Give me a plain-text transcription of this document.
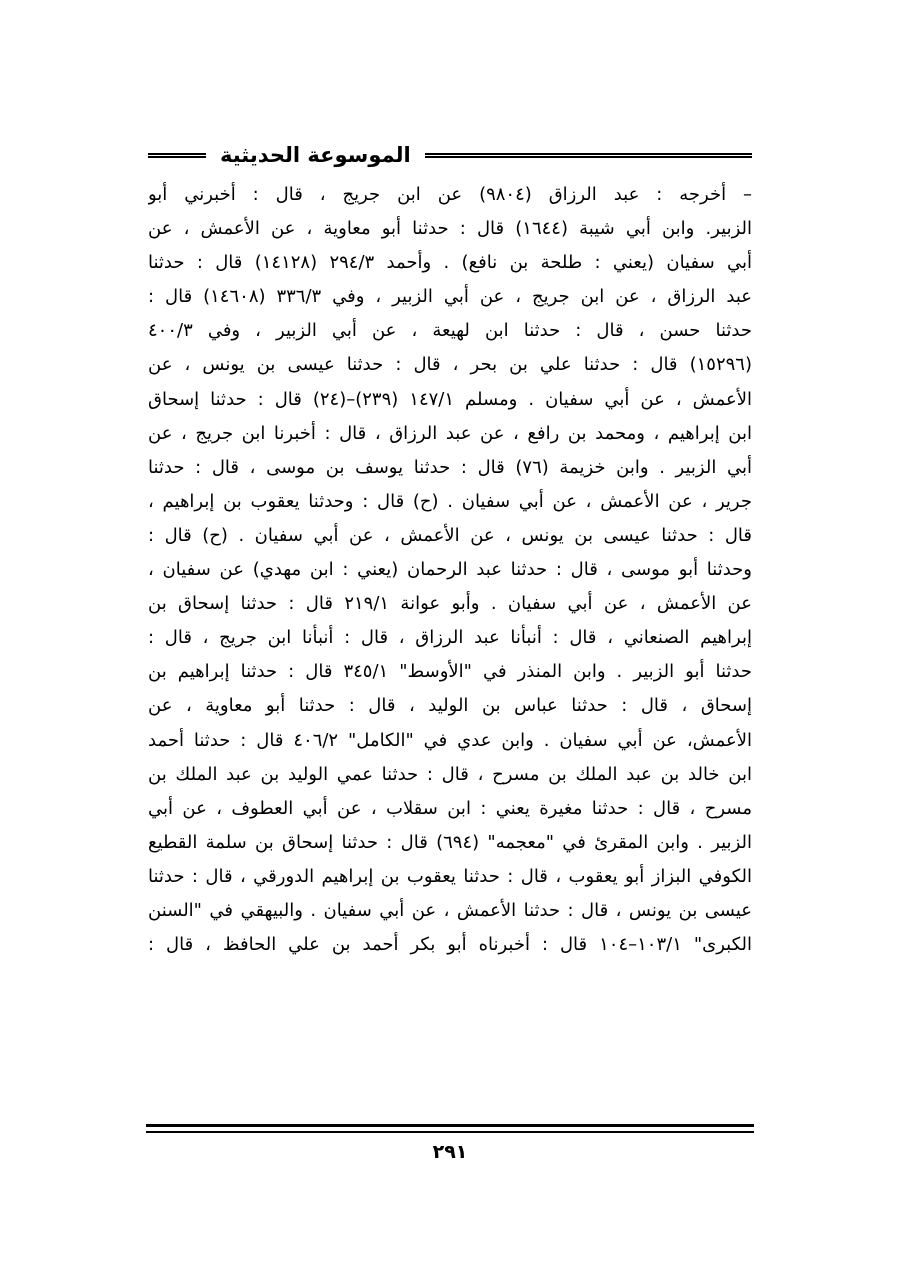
الموسوعة الحديثية
– أخرجه : عبد الرزاق (٩٨٠٤) عن ابن جريج ، قال : أخبرني أبو
الزبير. وابن أبي شيبة (١٦٤٤) قال : حدثنا أبو معاوية ، عن الأعمش ، عن
أبي سفيان (يعني : طلحة بن نافع) . وأحمد ٢٩٤/٣ (١٤١٢٨) قال : حدثنا
عبد الرزاق ، عن ابن جريج ، عن أبي الزبير ، وفي ٣٣٦/٣ (١٤٦٠٨) قال :
حدثنا حسن ، قال : حدثنا ابن لهيعة ، عن أبي الزبير ، وفي ٤٠٠/٣
(١٥٢٩٦) قال : حدثنا علي بن بحر ، قال : حدثنا عيسى بن يونس ، عن
الأعمش ، عن أبي سفيان . ومسلم ١٤٧/١ (٢٣٩)–(٢٤) قال : حدثنا إسحاق
ابن إبراهيم ، ومحمد بن رافع ، عن عبد الرزاق ، قال : أخبرنا ابن جريج ، عن
أبي الزبير . وابن خزيمة (٧٦) قال : حدثنا يوسف بن موسى ، قال : حدثنا
جرير ، عن الأعمش ، عن أبي سفيان . (ح) قال : وحدثنا يعقوب بن إبراهيم ،
قال : حدثنا عيسى بن يونس ، عن الأعمش ، عن أبي سفيان . (ح) قال :
وحدثنا أبو موسى ، قال : حدثنا عبد الرحمان (يعني : ابن مهدي) عن سفيان ،
عن الأعمش ، عن أبي سفيان . وأبو عوانة ٢١٩/١ قال : حدثنا إسحاق بن
إبراهيم الصنعاني ، قال : أنبأنا عبد الرزاق ، قال : أنبأنا ابن جريج ، قال :
حدثنا أبو الزبير . وابن المنذر في "الأوسط" ٣٤٥/١ قال : حدثنا إبراهيم بن
إسحاق ، قال : حدثنا عباس بن الوليد ، قال : حدثنا أبو معاوية ، عن
الأعمش، عن أبي سفيان . وابن عدي في "الكامل" ٤٠٦/٢ قال : حدثنا أحمد
ابن خالد بن عبد الملك بن مسرح ، قال : حدثنا عمي الوليد بن عبد الملك بن
مسرح ، قال : حدثنا مغيرة يعني : ابن سقلاب ، عن أبي العطوف ، عن أبي
الزبير . وابن المقرئ في "معجمه" (٦٩٤) قال : حدثنا إسحاق بن سلمة القطيع
الكوفي البزاز أبو يعقوب ، قال : حدثنا يعقوب بن إبراهيم الدورقي ، قال : حدثنا
عيسى بن يونس ، قال : حدثنا الأعمش ، عن أبي سفيان . والبيهقي في "السنن
الكبرى" ١٠٣/١–١٠٤ قال : أخبرناه أبو بكر أحمد بن علي الحافظ ، قال :
٢٩١
